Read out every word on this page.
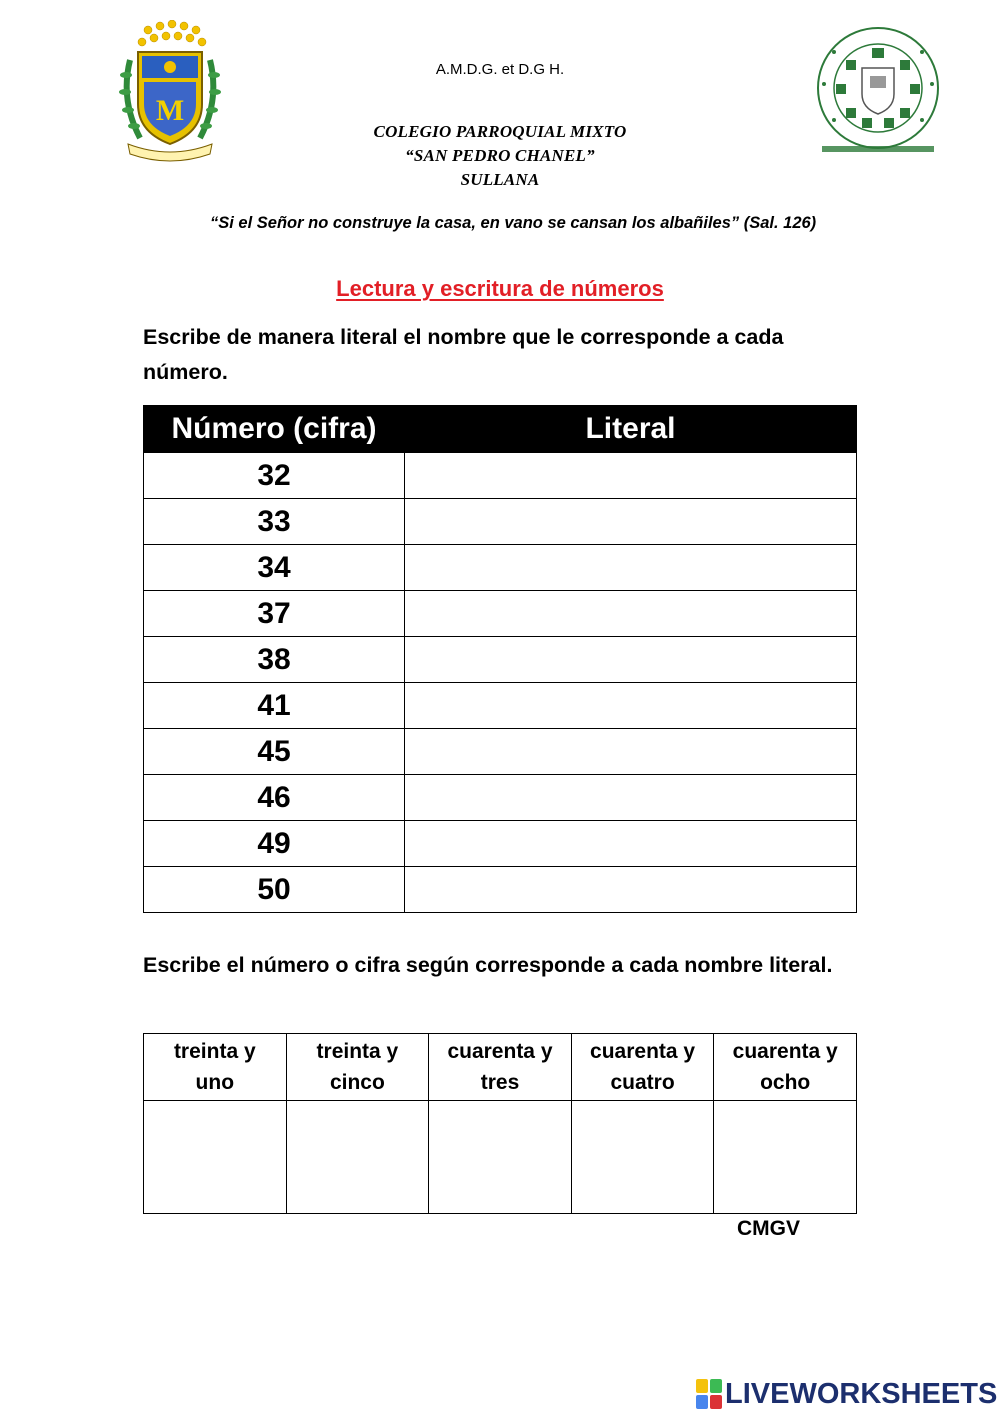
M
A.M.D.G. et D.G H.
COLEGIO PARROQUIAL MIXTO
“SAN PEDRO CHANEL”
SULLANA
“Si el Señor no construye la casa, en vano se cansan los albañiles” (Sal. 126)
Lectura y escritura de números
Escribe de manera literal el nombre que le corresponde a cada número.
Número (cifra)	Literal
32	
33	
34	
37	
38	
41	
45	
46	
49	
50	
Escribe el número o cifra según corresponde a cada nombre literal.
treinta y
uno	treinta y
cinco	cuarenta y
tres	cuarenta y
cuatro	cuarenta y
ocho

CMGV
LIVEWORKSHEETS
